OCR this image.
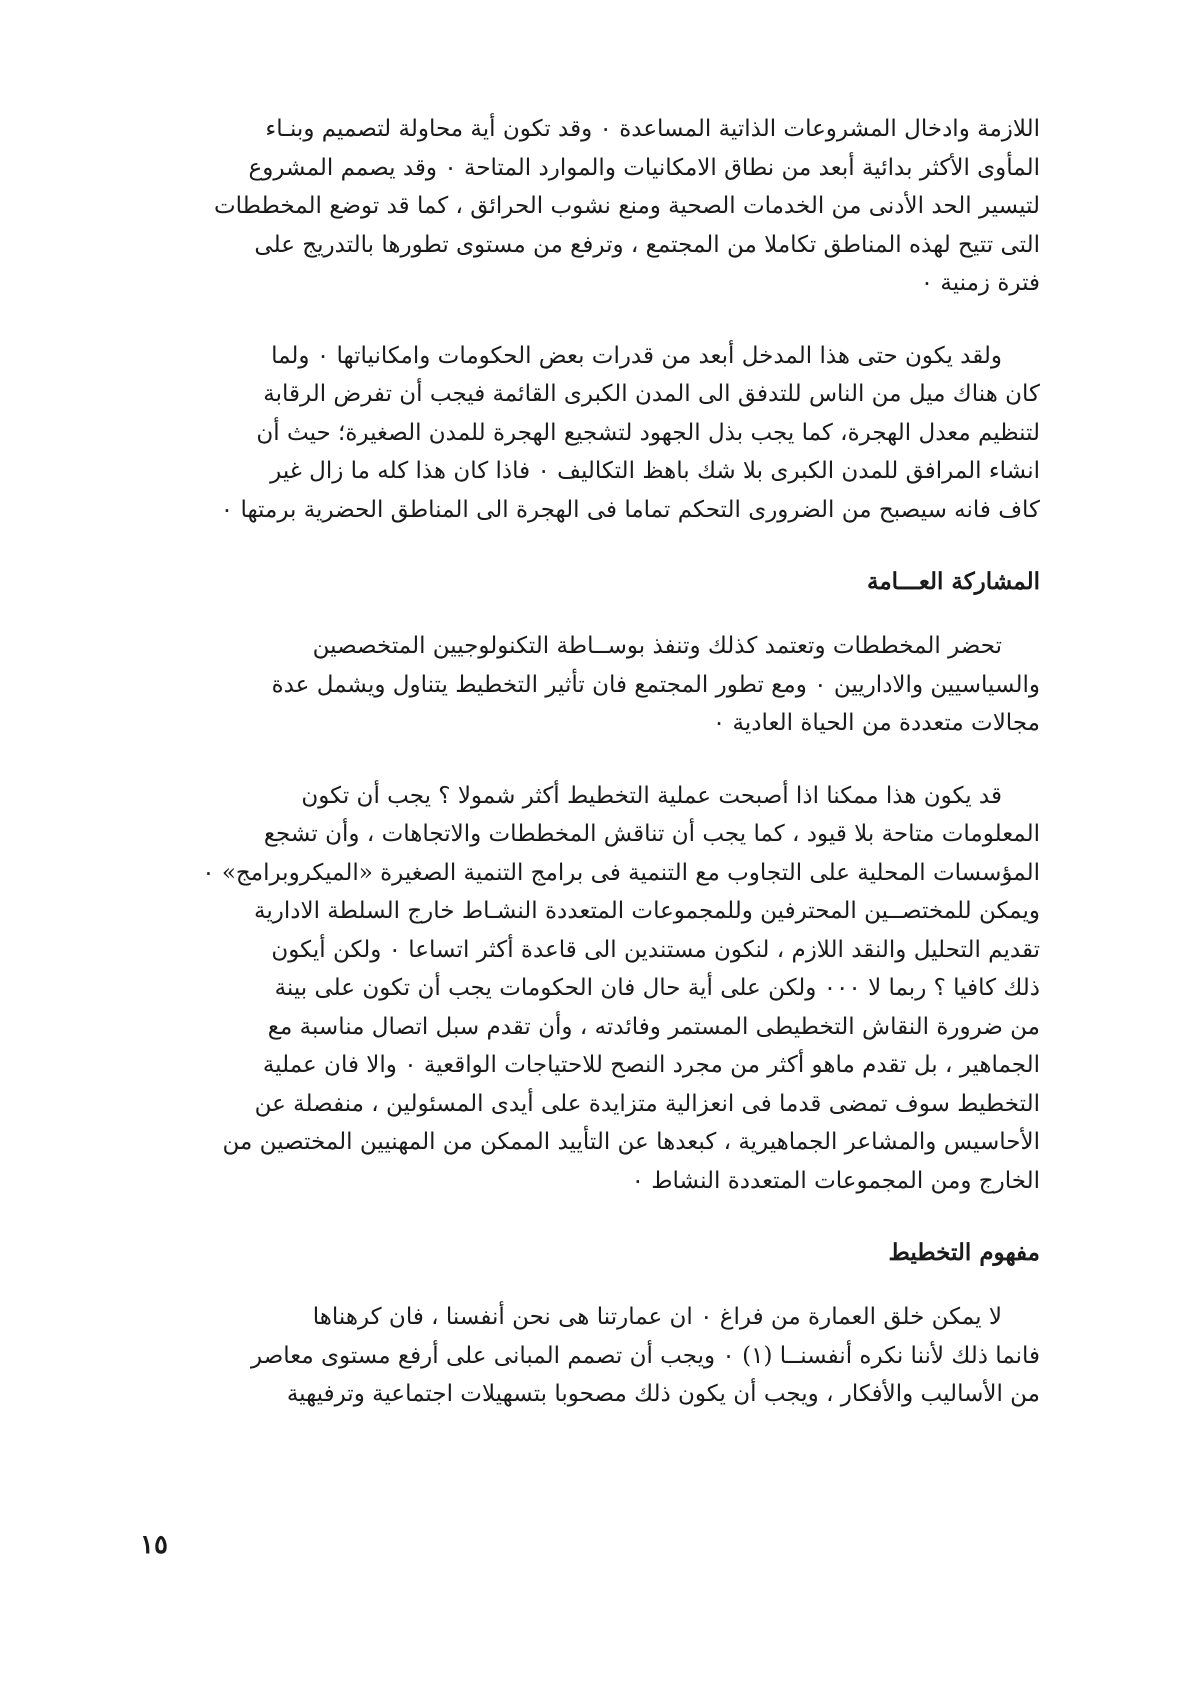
اللازمة وادخال المشروعات الذاتية المساعدة ٠ وقد تكون أية محاولة لتصميم وبنـاء
المأوى الأكثر بدائية أبعد من نطاق الامكانيات والموارد المتاحة ٠ وقد يصمم المشروع
لتيسير الحد الأدنى من الخدمات الصحية ومنع نشوب الحرائق ، كما قد توضع المخططات
التى تتيح لهذه المناطق تكاملا من المجتمع ، وترفع من مستوى تطورها بالتدريج على
فترة زمنية ٠
ولقد يكون حتى هذا المدخل أبعد من قدرات بعض الحكومات وامكانياتها ٠ ولما
كان هناك ميل من الناس للتدفق الى المدن الكبرى القائمة فيجب أن تفرض الرقابة
لتنظيم معدل الهجرة، كما يجب بذل الجهود لتشجيع الهجرة للمدن الصغيرة؛ حيث أن
انشاء المرافق للمدن الكبرى بلا شك باهظ التكاليف ٠ فاذا كان هذا كله ما زال غير
كاف فانه سيصبح من الضرورى التحكم تماما فى الهجرة الى المناطق الحضرية برمتها ٠
المشاركة العـــامة
تحضر المخططات وتعتمد كذلك وتنفذ بوســاطة التكنولوجيين المتخصصين
والسياسيين والاداريين ٠ ومع تطور المجتمع فان تأثير التخطيط يتناول ويشمل عدة
مجالات متعددة من الحياة العادية ٠
قد يكون هذا ممكنا اذا أصبحت عملية التخطيط أكثر شمولا ؟ يجب أن تكون
المعلومات متاحة بلا قيود ، كما يجب أن تناقش المخططات والاتجاهات ، وأن تشجع
المؤسسات المحلية على التجاوب مع التنمية فى برامج التنمية الصغيرة «الميكروبرامج» ٠
ويمكن للمختصــين المحترفين وللمجموعات المتعددة النشـاط خارج السلطة الادارية
تقديم التحليل والنقد اللازم ، لنكون مستندين الى قاعدة أكثر اتساعا ٠ ولكن أيكون
ذلك كافيا ؟ ربما لا ٠٠٠ ولكن على أية حال فان الحكومات يجب أن تكون على بينة
من ضرورة النقاش التخطيطى المستمر وفائدته ، وأن تقدم سبل اتصال مناسبة مع
الجماهير ، بل تقدم ماهو أكثر من مجرد النصح للاحتياجات الواقعية ٠ والا فان عملية
التخطيط سوف تمضى قدما فى انعزالية متزايدة على أيدى المسئولين ، منفصلة عن
الأحاسيس والمشاعر الجماهيرية ، كبعدها عن التأييد الممكن من المهنيين المختصين من
الخارج ومن المجموعات المتعددة النشاط ٠
مفهوم التخطيط
لا يمكن خلق العمارة من فراغ ٠ ان عمارتنا هى نحن أنفسنا ، فان كرهناها
فانما ذلك لأننا نكره أنفسنــا (١) ٠ ويجب أن تصمم المبانى على أرفع مستوى معاصر
من الأساليب والأفكار ، ويجب أن يكون ذلك مصحوبا بتسهيلات اجتماعية وترفيهية
١٥
